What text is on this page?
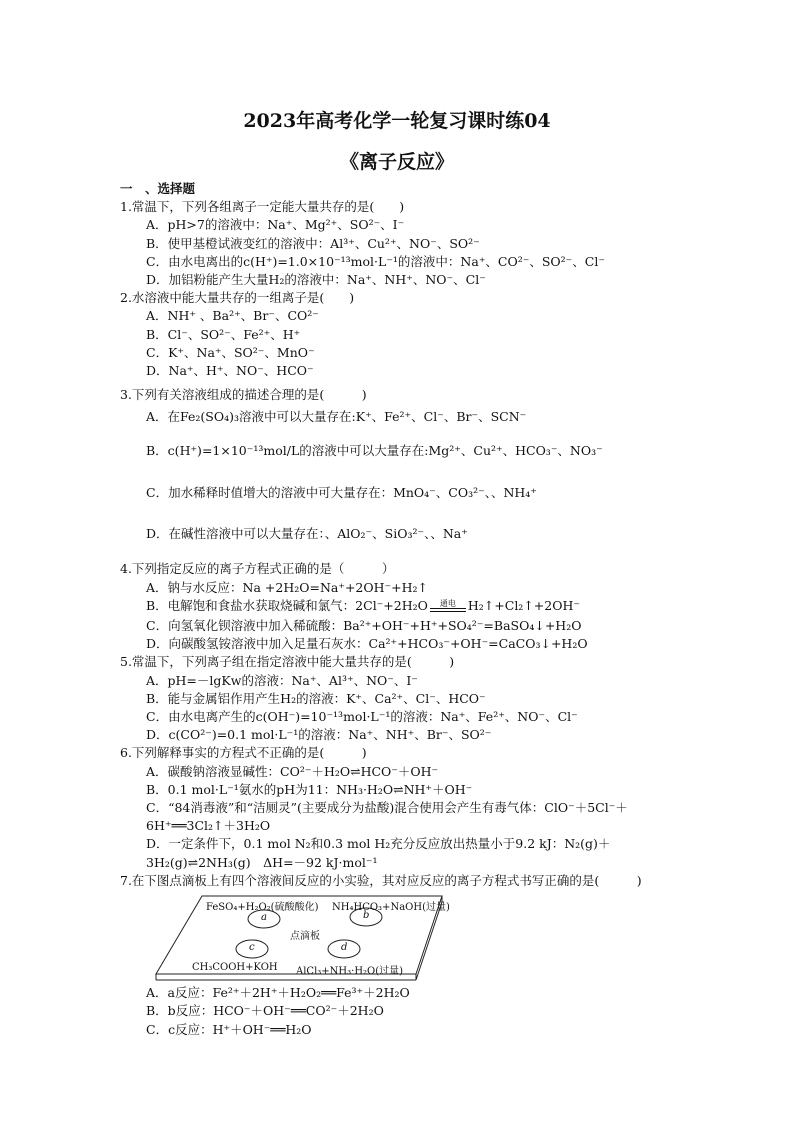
2023年高考化学一轮复习课时练04
《离子反应》
一　、选择题
1.常温下，下列各组离子一定能大量共存的是(　　)
A．pH>7的溶液中：Na⁺、Mg²⁺、SO²⁻、I⁻
B．使甲基橙试液变红的溶液中：Al³⁺、Cu²⁺、NO⁻、SO²⁻
C．由水电离出的c(H⁺)=1.0×10⁻¹³mol·L⁻¹的溶液中：Na⁺、CO²⁻、SO²⁻、Cl⁻
D．加铝粉能产生大量H₂的溶液中：Na⁺、NH⁺、NO⁻、Cl⁻
2.水溶液中能大量共存的一组离子是(　　)
A．NH⁺ 、Ba²⁺、Br⁻、CO²⁻
B．Cl⁻、SO²⁻、Fe²⁺、H⁺
C．K⁺、Na⁺、SO²⁻、MnO⁻
D．Na⁺、H⁺、NO⁻、HCO⁻
3.下列有关溶液组成的描述合理的是(　　　)
A．在Fe₂(SO₄)₃溶液中可以大量存在:K⁺、Fe²⁺、Cl⁻、Br⁻、SCN⁻
B．c(H⁺)=1×10⁻¹³mol/L的溶液中可以大量存在:Mg²⁺、Cu²⁺、HCO₃⁻、NO₃⁻
C．加水稀释时值增大的溶液中可大量存在：MnO₄⁻、CO₃²⁻、、NH₄⁺
D．在碱性溶液中可以大量存在：、AlO₂⁻、SiO₃²⁻、、Na⁺
4.下列指定反应的离子方程式正确的是（　　　）
A．钠与水反应：Na +2H₂O=Na⁺+2OH⁻+H₂↑
B．电解饱和食盐水获取烧碱和氯气：2Cl⁻+2H₂O $^{通电}$ H₂↑+Cl₂↑+2OH⁻
C．向氢氧化钡溶液中加入稀硫酸：Ba²⁺+OH⁻+H⁺+SO₄²⁻=BaSO₄↓+H₂O
D．向碳酸氢铵溶液中加入足量石灰水：Ca²⁺+HCO₃⁻+OH⁻=CaCO₃↓+H₂O
5.常温下，下列离子组在指定溶液中能大量共存的是(　　　)
A．pH=－lgKw的溶液：Na⁺、Al³⁺、NO⁻、I⁻
B．能与金属铝作用产生H₂的溶液：K⁺、Ca²⁺、Cl⁻、HCO⁻
C．由水电离产生的c(OH⁻)=10⁻¹³mol·L⁻¹的溶液：Na⁺、Fe²⁺、NO⁻、Cl⁻
D．c(CO²⁻)=0.1 mol·L⁻¹的溶液：Na⁺、NH⁺、Br⁻、SO²⁻
6.下列解释事实的方程式不正确的是(　　　)
A．碳酸钠溶液显碱性：CO²⁻＋H₂O⇌HCO⁻＋OH⁻
B．0.1 mol·L⁻¹氨水的pH为11：NH₃·H₂O⇌NH⁺＋OH⁻
C．“84消毒液”和“洁厕灵”(主要成分为盐酸)混合使用会产生有毒气体：ClO⁻＋5Cl⁻＋
6H⁺══3Cl₂↑＋3H₂O
D．一定条件下，0.1 mol N₂和0.3 mol H₂充分反应放出热量小于9.2 kJ：N₂(g)＋
3H₂(g)⇌2NH₃(g)　ΔH=－92 kJ·mol⁻¹
7.在下图点滴板上有四个溶液间反应的小实验，其对应反应的离子方程式书写正确的是(　　　)
FeSO₄+H₂O₂(硫酸酸化) NH₄HCO₃+NaOH(过量)
点滴板
CH₃COOH+KOH AlCl₃+NH₃·H₂O(过量)
a	b
c	d
A．a反应：Fe²⁺＋2H⁺＋H₂O₂══Fe³⁺＋2H₂O
B．b反应：HCO⁻＋OH⁻══CO²⁻＋2H₂O
C．c反应：H⁺＋OH⁻══H₂O
